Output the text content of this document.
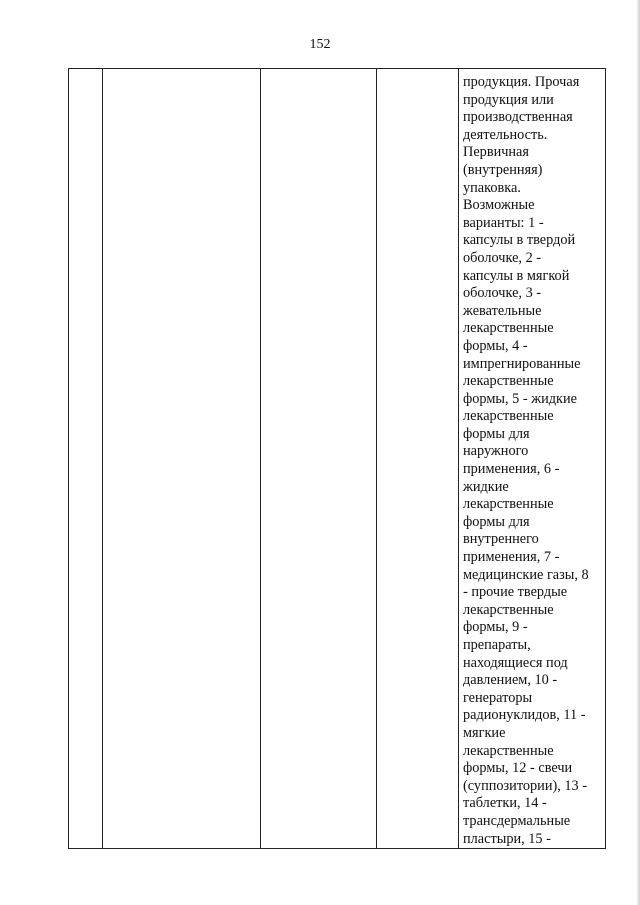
152

продукция. Прочая
продукция или
производственная
деятельность.
Первичная
(внутренняя)
упаковка.
Возможные
варианты: 1 -
капсулы в твердой
оболочке, 2 -
капсулы в мягкой
оболочке, 3 -
жевательные
лекарственные
формы, 4 -
импрегнированные
лекарственные
формы, 5 - жидкие
лекарственные
формы для
наружного
применения, 6 -
жидкие
лекарственные
формы для
внутреннего
применения, 7 -
медицинские газы, 8
- прочие твердые
лекарственные
формы, 9 -
препараты,
находящиеся под
давлением, 10 -
генераторы
радионуклидов, 11 -
мягкие
лекарственные
формы, 12 - свечи
(суппозитории), 13 -
таблетки, 14 -
трансдермальные
пластыри, 15 -
